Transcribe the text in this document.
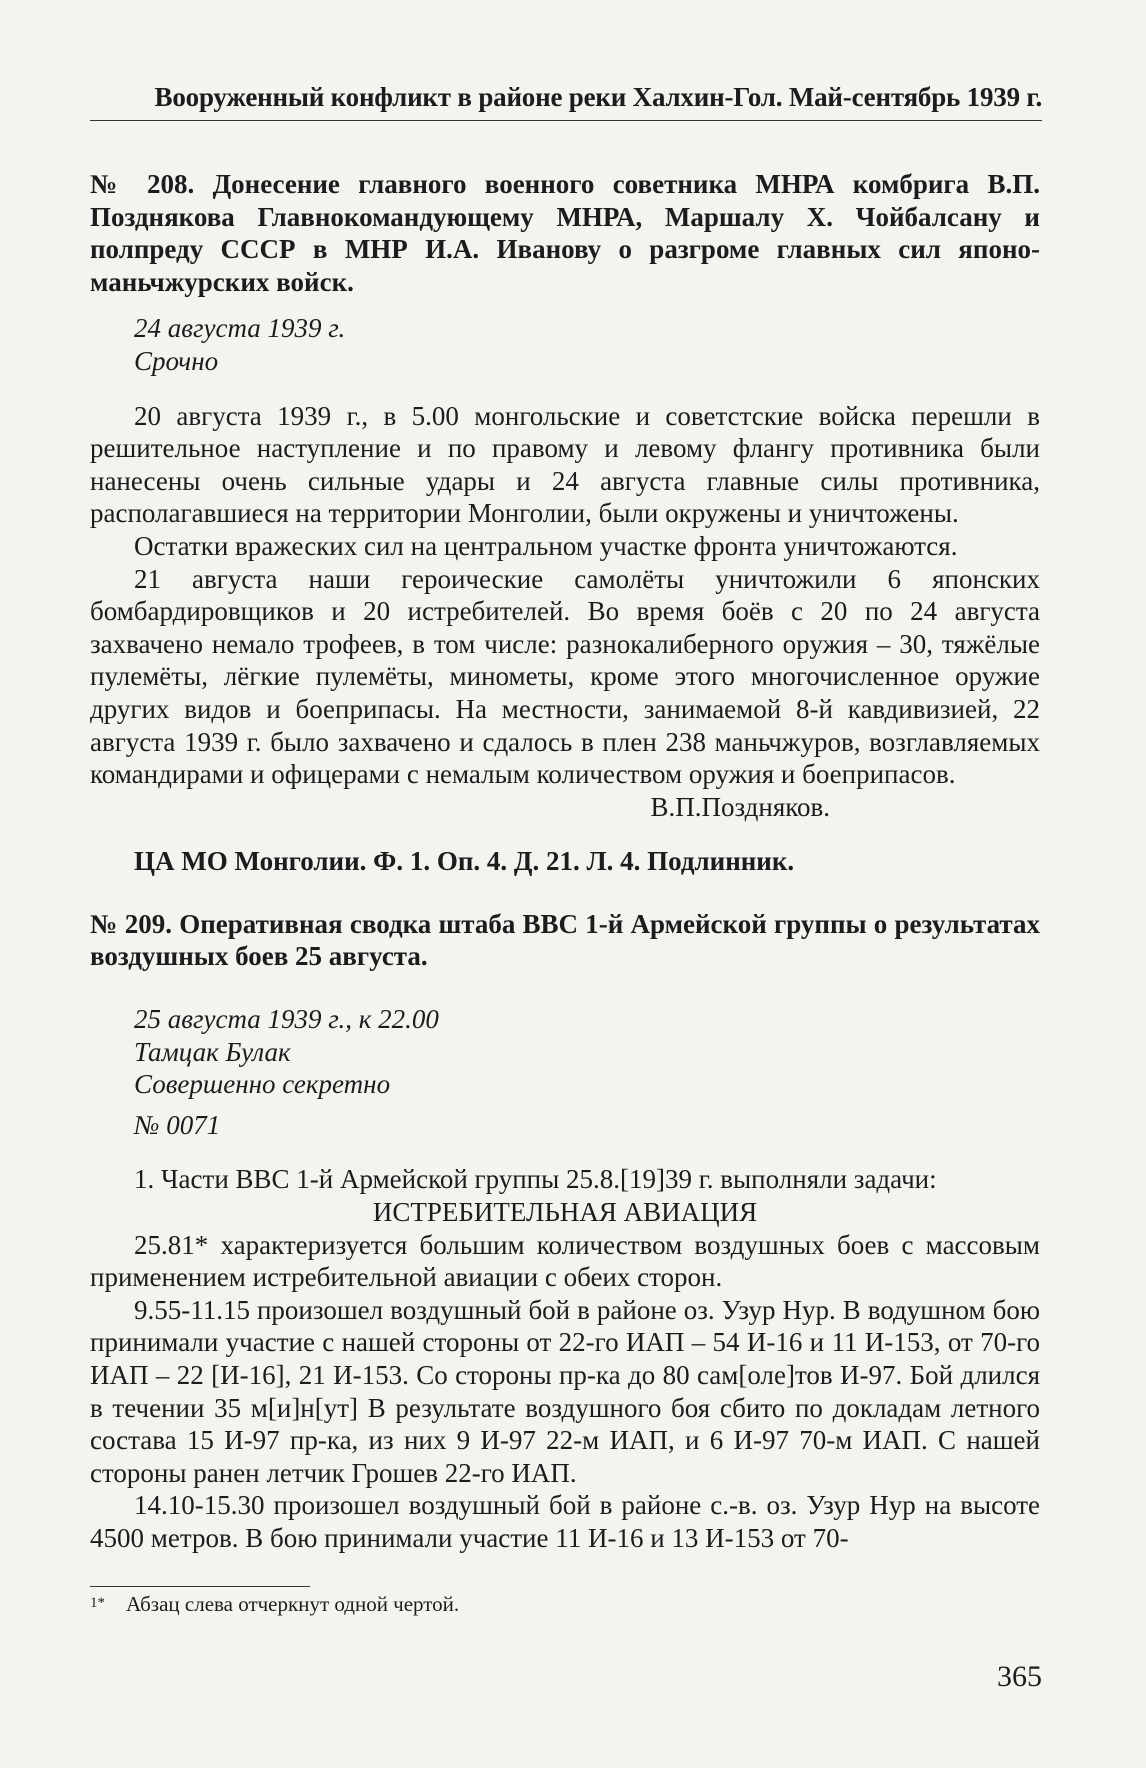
Вооруженный конфликт в районе реки Халхин-Гол. Май-сентябрь 1939 г.

№ 208. Донесение главного военного советника МНРА комбрига В.П. Позднякова Главнокомандующему МНРА, Маршалу Х. Чойбалсану и полпреду СССР в МНР И.А. Иванову о разгроме главных сил японо-маньчжурских войск.

24 августа 1939 г.

Срочно

20 августа 1939 г., в 5.00 монгольские и советстские войска перешли в решительное наступление и по правому и левому флангу противника были нанесены очень сильные удары и 24 августа главные силы противника, располагавшиеся на территории Монголии, были окружены и уничтожены.

Остатки вражеских сил на центральном участке фронта уничтожаются.

21 августа наши героические самолёты уничтожили 6 японских бомбардировщиков и 20 истребителей. Во время боёв с 20 по 24 августа захвачено немало трофеев, в том числе: разнокалиберного оружия – 30, тяжёлые пулемёты, лёгкие пулемёты, минометы, кроме этого многочисленное оружие других видов и боеприпасы. На местности, занимаемой 8-й кавдивизией, 22 августа 1939 г. было захвачено и сдалось в плен 238 маньчжуров, возглавляемых командирами и офицерами с немалым количеством оружия и боеприпасов.

В.П.Поздняков.

ЦА МО Монголии. Ф. 1. Оп. 4. Д. 21. Л. 4. Подлинник.

№ 209. Оперативная сводка штаба ВВС 1-й Армейской группы о результатах воздушных боев 25 августа.

25 августа 1939 г., к 22.00

Тамцак Булак

Совершенно секретно

№ 0071

1. Части ВВС 1-й Армейской группы 25.8.[19]39 г. выполняли задачи:

ИСТРЕБИТЕЛЬНАЯ АВИАЦИЯ

25.81* характеризуется большим количеством воздушных боев с массовым применением истребительной авиации с обеих сторон.

9.55-11.15 произошел воздушный бой в районе оз. Узур Нур. В водушном бою принимали участие с нашей стороны от 22-го ИАП – 54 И-16 и 11 И-153, от 70-го ИАП – 22 [И-16], 21 И-153. Со стороны пр-ка до 80 сам[оле]тов И-97. Бой длился в течении 35 м[и]н[ут] В результате воздушного боя сбито по докладам летного состава 15 И-97 пр-ка, из них 9 И-97 22-м ИАП, и 6 И-97 70-м ИАП. С нашей стороны ранен летчик Грошев 22-го ИАП.

14.10-15.30 произошел воздушный бой в районе с.-в. оз. Узур Нур на высоте 4500 метров. В бою принимали участие 11 И-16 и 13 И-153 от 70-

1* Абзац слева отчеркнут одной чертой.
365
